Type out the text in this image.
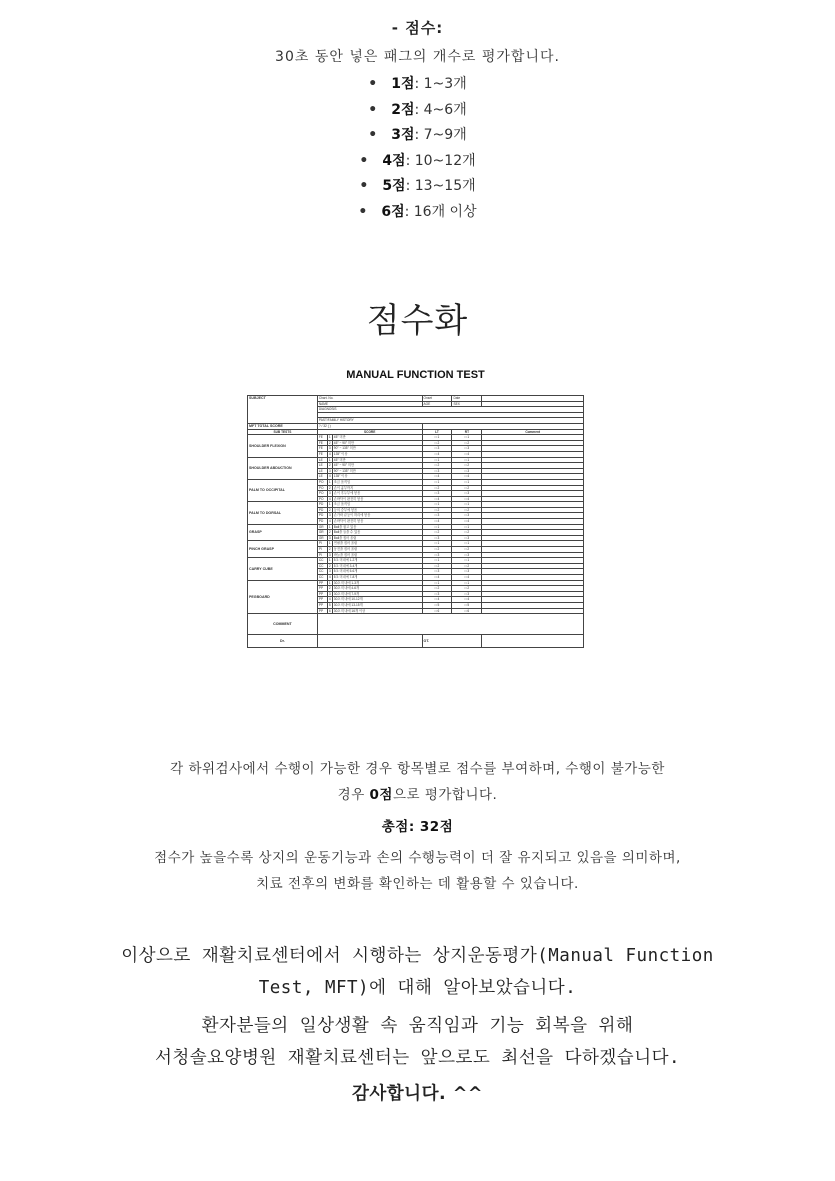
- 점수:
30초 동안 넣은 패그의 개수로 평가합니다.
• 1점: 1~3개
• 2점: 4~6개
• 3점: 7~9개
• 4점: 10~12개
• 5점: 13~15개
• 6점: 16개 이상
점수화
MANUAL FUNCTION TEST
SUBJECT	Chart. No.			Onset	Date	
	NAME			AGE	SEX	
	DIAGNOSIS					

	PAST/FAMILY HISTORY					
MFT TOTAL SCORE	? / 32 ( )					
SUB TESTS	SCORE			LT	RT	Comment
SHOULDER FLEXION	FE	1	45° 미만	□ 1	□ 1	
	FE	2	45° ~ 90° 미만	□ 2	□ 2	
	FE	3	90° ~ 135° 미만	□ 3	□ 3	
	FE	4	135° 이상	□ 4	□ 4	
SHOULDER ABDUCTION	LE	1	45° 미만	□ 1	□ 1	
	LE	2	45° ~ 90° 미만	□ 2	□ 2	
	LE	3	90° ~ 135° 미만	□ 3	□ 3	
	LE	4	135° 이상	□ 4	□ 4	
PALM TO OCCIPITAL	PO	1	조금 움직임	□ 1	□ 1	
	PO	2	손이 흉부까지	□ 2	□ 2	
	PO	3	손이 후두부에 닿음	□ 3	□ 3	
	PO	4	손바닥이 완전히 닿음	□ 4	□ 4	
PALM TO DORSAL	PD	1	조금 움직임	□ 1	□ 1	
	PD	2	등의 중부에 닿음	□ 2	□ 2	
	PD	3	손가락 끝등이 허리에 닿음	□ 3	□ 3	
	PD	4	손바닥이 완전히 닿음	□ 4	□ 4	
GRASP	GR	1	Ball을 잡고 있음	□ 1	□ 1	
	GR	2	Ball을 들을 수 있음	□ 2	□ 2	
	GR	3	Ball을 집어 올림	□ 3	□ 3	
PINCH GRASP	PI	1	연필을 집어 올림	□ 1	□ 1	
	PI	2	동전을 집어 올림	□ 2	□ 2	
	PI	3	바늘을 집어 올림	□ 3	□ 3	
CARRY CUBE	CC	1	5초 미내에 1-2개	□ 1	□ 1	
	CC	2	5초 미내에 3-4개	□ 2	□ 2	
	CC	3	5초 미내에 5-6개	□ 3	□ 3	
	CC	4	5초 미내에 7-8개	□ 4	□ 4	
PEGBOARD	PP	1	30초 미내에 1-3개	□ 1	□ 1	
	PP	2	30초 미내에 4-6개	□ 2	□ 2	
	PP	3	30초 미내에 7-9개	□ 3	□ 3	
	PP	4	30초 미내에 10-12개	□ 4	□ 4	
	PP	5	30초 미내에 13-15개	□ 5	□ 5	
	PP	6	30초 미내에 16개 이상	□ 6	□ 6	
COMMENT						
Dr.				OT.		
각 하위검사에서 수행이 가능한 경우 항목별로 점수를 부여하며, 수행이 불가능한
경우 0점으로 평가합니다.
총점: 32점
점수가 높을수록 상지의 운동기능과 손의 수행능력이 더 잘 유지되고 있음을 의미하며,
치료 전후의 변화를 확인하는 데 활용할 수 있습니다.
이상으로 재활치료센터에서 시행하는 상지운동평가(Manual Function
Test, MFT)에 대해 알아보았습니다.
환자분들의 일상생활 속 움직임과 기능 회복을 위해
서청솔요양병원 재활치료센터는 앞으로도 최선을 다하겠습니다.
감사합니다. ^^
